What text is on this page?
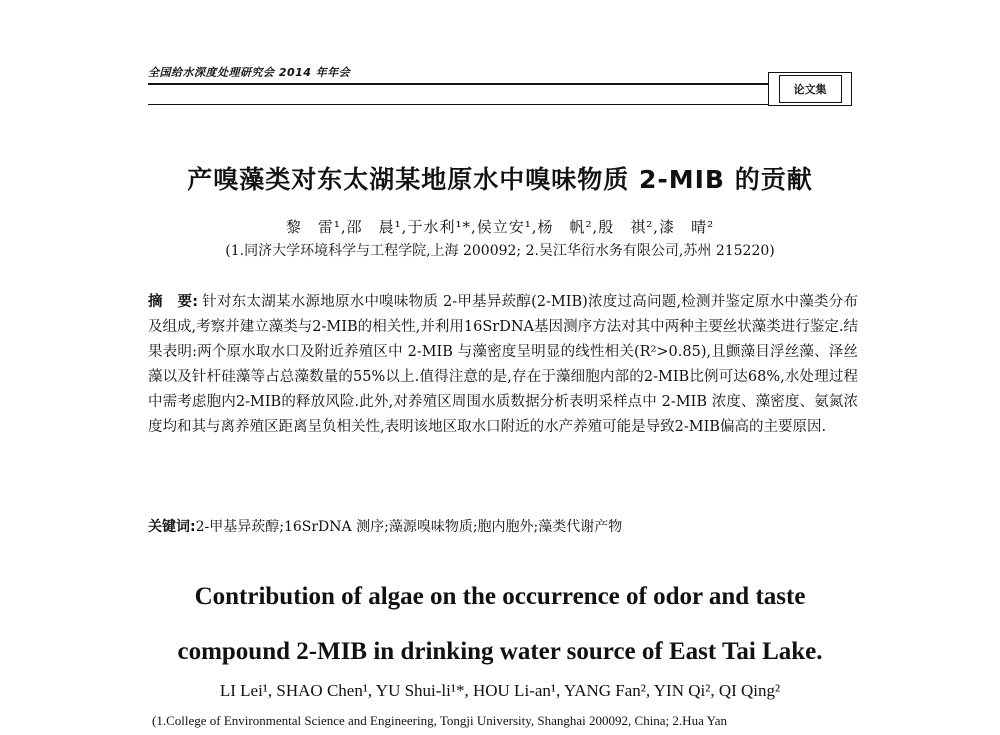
全国给水深度处理研究会 2014 年年会
论文集
产嗅藻类对东太湖某地原水中嗅味物质 2-MIB 的贡献
黎　雷¹,邵　晨¹,于水利¹*,侯立安¹,杨　帆²,殷　祺²,漆　晴²
(1.同济大学环境科学与工程学院,上海 200092; 2.吴江华衍水务有限公司,苏州 215220)
摘　要: 针对东太湖某水源地原水中嗅味物质 2-甲基异莰醇(2-MIB)浓度过高问题,检测并鉴定原水中藻类分布及组成,考察并建立藻类与2-MIB的相关性,并利用16SrDNA基因测序方法对其中两种主要丝状藻类进行鉴定.结果表明:两个原水取水口及附近养殖区中 2-MIB 与藻密度呈明显的线性相关(R²>0.85),且颤藻目浮丝藻、泽丝藻以及针杆硅藻等占总藻数量的55%以上.值得注意的是,存在于藻细胞内部的2-MIB比例可达68%,水处理过程中需考虑胞内2-MIB的释放风险.此外,对养殖区周围水质数据分析表明采样点中 2-MIB 浓度、藻密度、氨氮浓度均和其与离养殖区距离呈负相关性,表明该地区取水口附近的水产养殖可能是导致2-MIB偏高的主要原因.
关键词:2-甲基异莰醇;16SrDNA 测序;藻源嗅味物质;胞内胞外;藻类代谢产物
Contribution of algae on the occurrence of odor and taste
compound 2-MIB in drinking water source of East Tai Lake.
LI Lei¹, SHAO Chen¹, YU Shui-li¹*, HOU Li-an¹, YANG Fan², YIN Qi², QI Qing²
(1.College of Environmental Science and Engineering, Tongji University, Shanghai 200092, China; 2.Hua Yan
